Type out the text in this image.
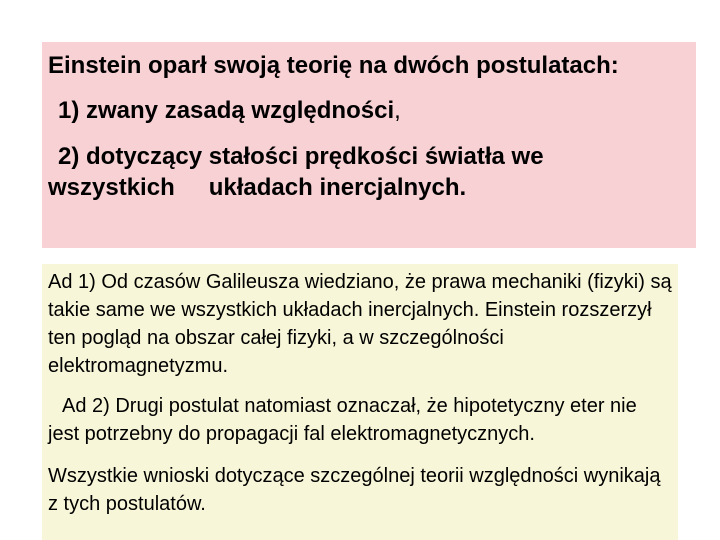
Einstein oparł swoją teorię na dwóch postulatach:

1) zwany zasadą względności,

2) dotyczący stałości prędkości światła we
wszystkich układach inercjalnych.

Ad 1) Od czasów Galileusza wiedziano, że prawa mechaniki (fizyki) są takie same we wszystkich układach inercjalnych. Einstein rozszerzył ten pogląd na obszar całej fizyki, a w szczególności elektromagnetyzmu.

Ad 2) Drugi postulat natomiast oznaczał, że hipotetyczny eter nie jest potrzebny do propagacji fal elektromagnetycznych.

Wszystkie wnioski dotyczące szczególnej teorii względności wynikają z tych postulatów.
